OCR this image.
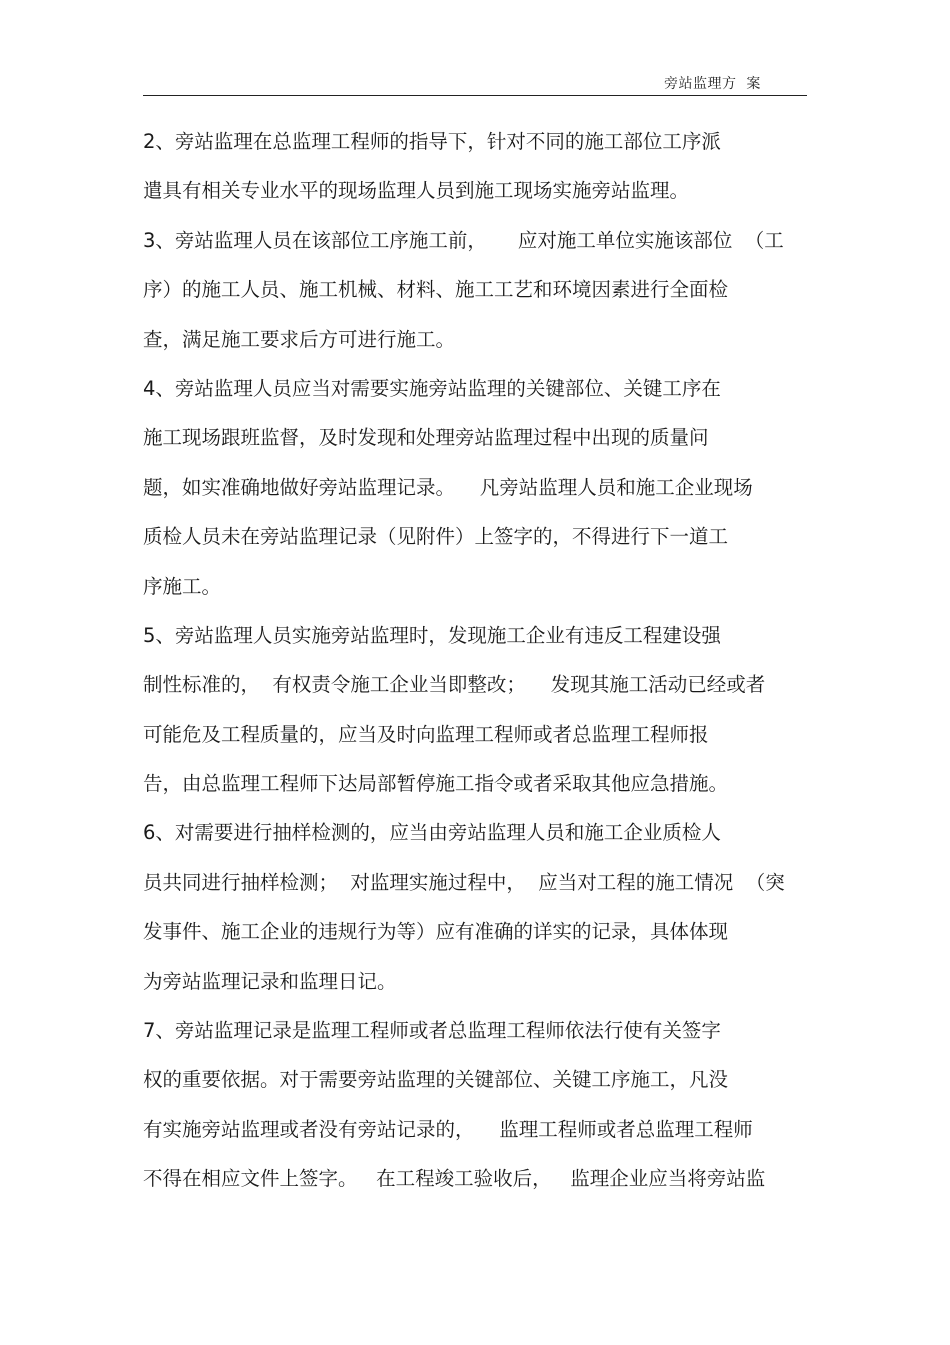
旁站监理方  案
2、旁站监理在总监理工程师的指导下，针对不同的施工部位工序派
遣具有相关专业水平的现场监理人员到施工现场实施旁站监理。
3、旁站监理人员在该部位工序施工前，     应对施工单位实施该部位  （工
序）的施工人员、施工机械、材料、施工工艺和环境因素进行全面检
查，满足施工要求后方可进行施工。
4、旁站监理人员应当对需要实施旁站监理的关键部位、关键工序在
施工现场跟班监督，及时发现和处理旁站监理过程中出现的质量问
题，如实准确地做好旁站监理记录。    凡旁站监理人员和施工企业现场
质检人员未在旁站监理记录（见附件）上签字的，不得进行下一道工
序施工。
5、旁站监理人员实施旁站监理时，发现施工企业有违反工程建设强
制性标准的，  有权责令施工企业当即整改；    发现其施工活动已经或者
可能危及工程质量的，应当及时向监理工程师或者总监理工程师报
告，由总监理工程师下达局部暂停施工指令或者采取其他应急措施。
6、对需要进行抽样检测的，应当由旁站监理人员和施工企业质检人
员共同进行抽样检测；  对监理实施过程中，  应当对工程的施工情况  （突
发事件、施工企业的违规行为等）应有准确的详实的记录，具体体现
为旁站监理记录和监理日记。
7、旁站监理记录是监理工程师或者总监理工程师依法行使有关签字
权的重要依据。对于需要旁站监理的关键部位、关键工序施工，凡没
有实施旁站监理或者没有旁站记录的，    监理工程师或者总监理工程师
不得在相应文件上签字。   在工程竣工验收后，   监理企业应当将旁站监
